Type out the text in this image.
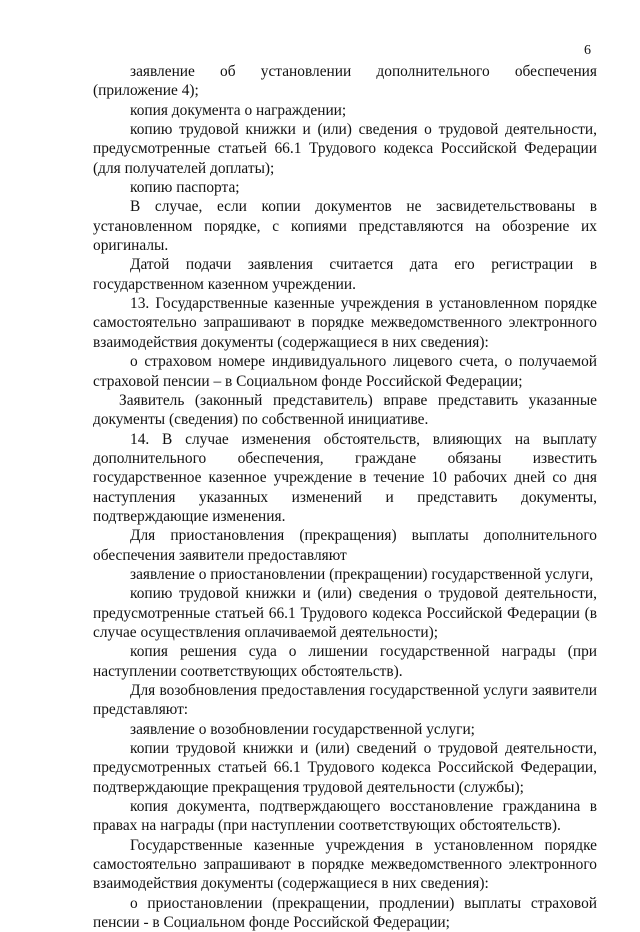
6

заявление об установлении дополнительного обеспечения (приложение 4);

копия документа о награждении;

копию трудовой книжки и (или) сведения о трудовой деятельности, предусмотренные статьей 66.1 Трудового кодекса Российской Федерации (для получателей доплаты);

копию паспорта;

В случае, если копии документов не засвидетельствованы в установленном порядке, с копиями представляются на обозрение их оригиналы.

Датой подачи заявления считается дата его регистрации в государственном казенном учреждении.

13. Государственные казенные учреждения в установленном порядке самостоятельно запрашивают в порядке межведомственного электронного взаимодействия документы (содержащиеся в них сведения):

о страховом номере индивидуального лицевого счета, о получаемой страховой пенсии – в Социальном фонде Российской Федерации;

Заявитель (законный представитель) вправе представить указанные документы (сведения) по собственной инициативе.

14. В случае изменения обстоятельств, влияющих на выплату дополнительного обеспечения, граждане обязаны известить государственное казенное учреждение в течение 10 рабочих дней со дня наступления указанных изменений и представить документы, подтверждающие изменения.

Для приостановления (прекращения) выплаты дополнительного обеспечения заявители предоставляют

заявление о приостановлении (прекращении) государственной услуги,

копию трудовой книжки и (или) сведения о трудовой деятельности, предусмотренные статьей 66.1 Трудового кодекса Российской Федерации (в случае осуществления оплачиваемой деятельности);

копия решения суда о лишении государственной награды (при наступлении соответствующих обстоятельств).

Для возобновления предоставления государственной услуги заявители представляют:

заявление о возобновлении государственной услуги;

копии трудовой книжки и (или) сведений о трудовой деятельности, предусмотренных статьей 66.1 Трудового кодекса Российской Федерации, подтверждающие прекращения трудовой деятельности (службы);

копия документа, подтверждающего восстановление гражданина в правах на награды (при наступлении соответствующих обстоятельств).

Государственные казенные учреждения в установленном порядке самостоятельно запрашивают в порядке межведомственного электронного взаимодействия документы (содержащиеся в них сведения):

о приостановлении (прекращении, продлении) выплаты страховой пенсии - в Социальном фонде Российской Федерации;
